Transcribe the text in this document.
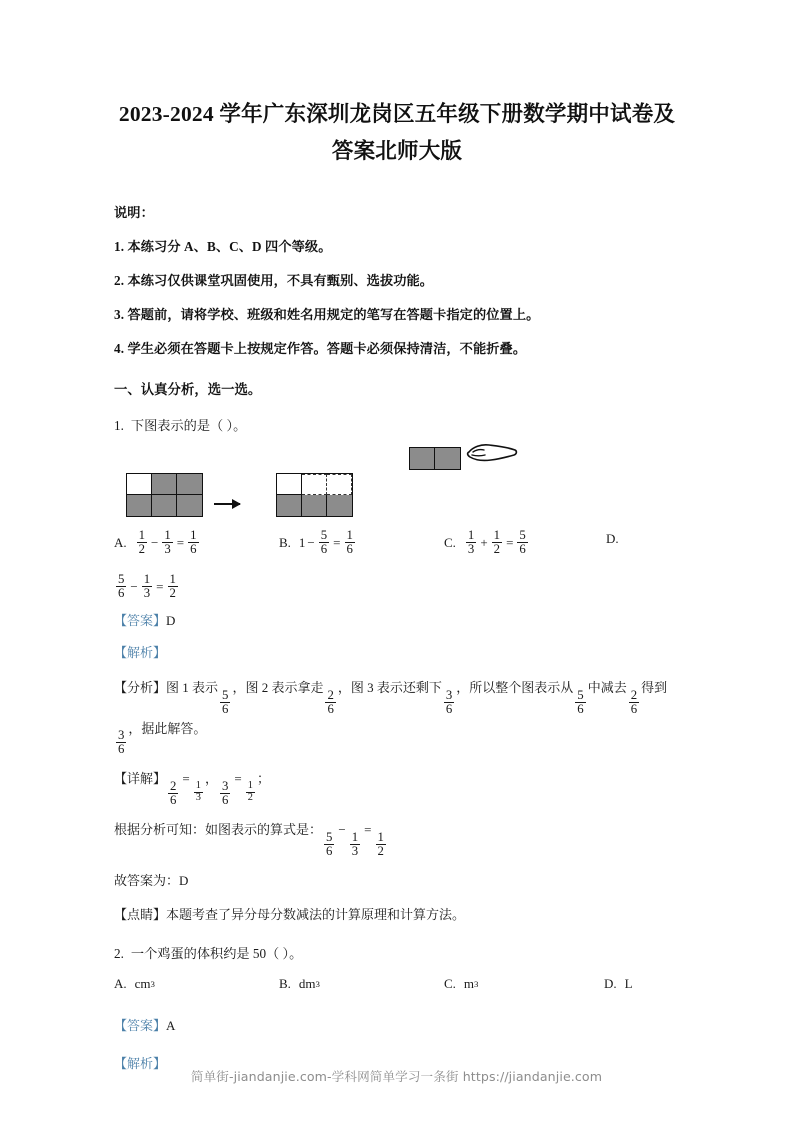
2023-2024 学年广东深圳龙岗区五年级下册数学期中试卷及答案北师大版
说明：
1. 本练习分 A、B、C、D 四个等级。
2. 本练习仅供课堂巩固使用，不具有甄别、选拔功能。
3. 答题前，请将学校、班级和姓名用规定的笔写在答题卡指定的位置上。
4. 学生必须在答题卡上按规定作答。答题卡必须保持清洁，不能折叠。
一、认真分析，选一选。
1. 下图表示的是（ ）。
A. $\frac{1}{2} - \frac{1}{3} = \frac{1}{6}$	B. $1 - \frac{5}{6} = \frac{1}{6}$	C. $\frac{1}{3} + \frac{1}{2} = \frac{5}{6}$	D.
$\frac{5}{6} - \frac{1}{3} = \frac{1}{2}$
【答案】D
【解析】
【分析】图 1 表示
$\frac{5}{6}$
，图 2 表示拿走
$\frac{2}{6}$
，图 3 表示还剩下
$\frac{3}{6}$
，所以整个图表示从
$\frac{5}{6}$
中减去
$\frac{2}{6}$
得到
$\frac{3}{6}$
，据此解答。
【详解】
$\frac{2}{6}$
=
$\frac{1}{3}$
，
$\frac{3}{6}$
=
$\frac{1}{2}$
；
根据分析可知：如图表示的算式是：
$\frac{5}{6}$
−
$\frac{1}{3}$
=
$\frac{1}{2}$
故答案为：D
【点睛】本题考查了异分母分数减法的计算原理和计算方法。
2. 一个鸡蛋的体积约是 50（ ）。
A. cm 3	B. dm 3	C. m 3	D. L
【答案】A
【解析】
简单街-jiandanjie.com-学科网简单学习一条街 https://jiandanjie.com
